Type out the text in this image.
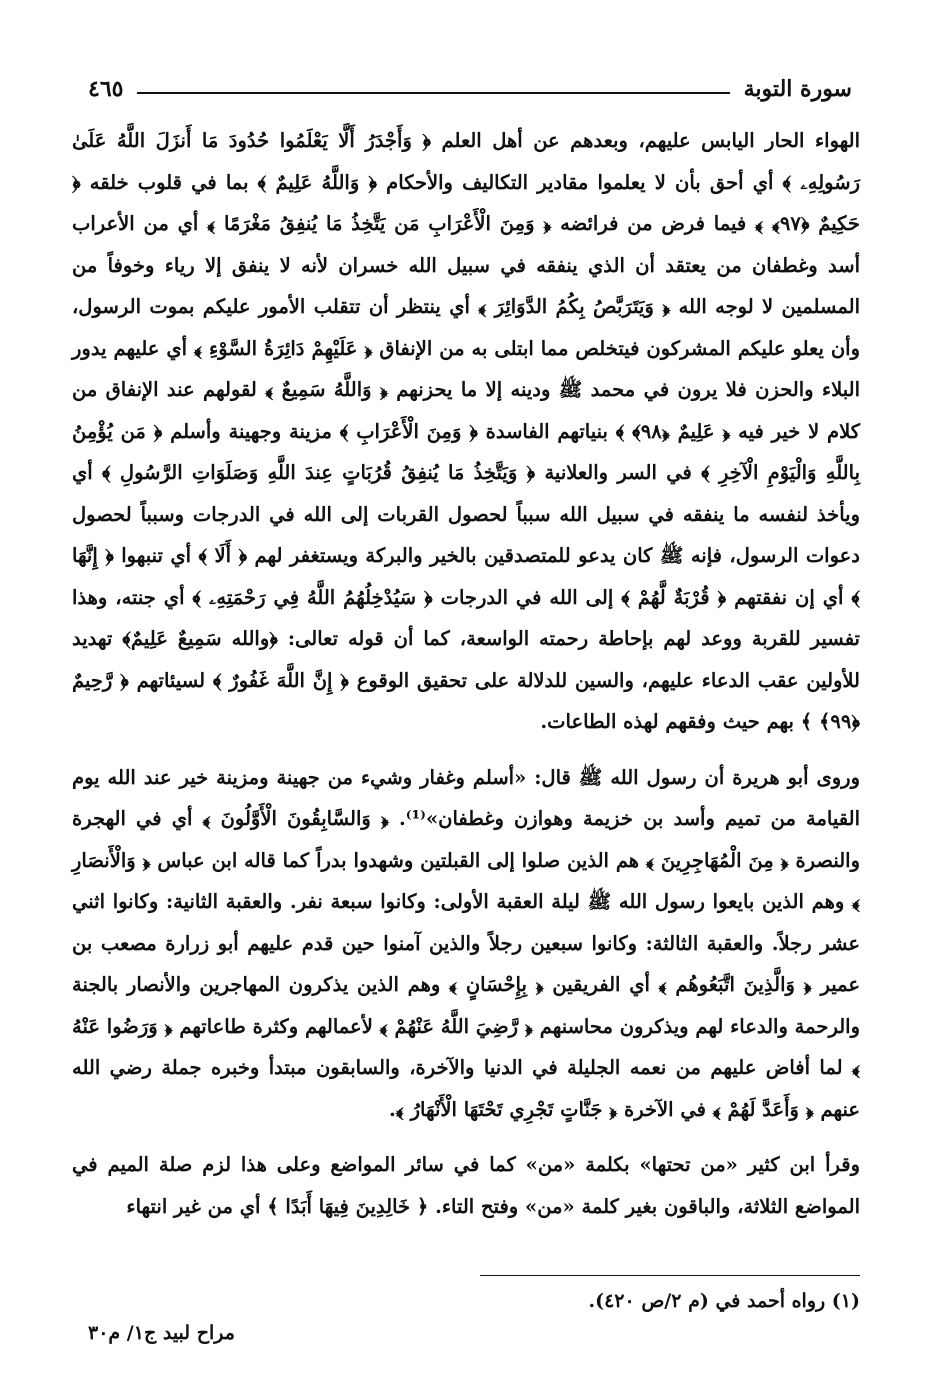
سورة التوبة
٤٦٥

الهواء الحار اليابس عليهم، وبعدهم عن أهل العلم ﴿ وَأَجْدَرُ أَلَّا يَعْلَمُوا حُدُودَ مَا أَنزَلَ اللَّهُ عَلَىٰ رَسُولِهِۦ ﴾ أي أحق بأن لا يعلموا مقادير التكاليف والأحكام ﴿ وَاللَّهُ عَلِيمٌ ﴾ بما في قلوب خلقه ﴿ حَكِيمٌ ﴿٩٧﴾ ﴾ فيما فرض من فرائضه ﴿ وَمِنَ الْأَعْرَابِ مَن يَتَّخِذُ مَا يُنفِقُ مَغْرَمًا ﴾ أي من الأعراب أسد وغطفان من يعتقد أن الذي ينفقه في سبيل الله خسران لأنه لا ينفق إلا رياء وخوفاً من المسلمين لا لوجه الله ﴿ وَيَتَرَبَّصُ بِكُمُ الدَّوَائِرَ ﴾ أي ينتظر أن تتقلب الأمور عليكم بموت الرسول، وأن يعلو عليكم المشركون فيتخلص مما ابتلى به من الإنفاق ﴿ عَلَيْهِمْ دَائِرَةُ السَّوْءِ ﴾ أي عليهم يدور البلاء والحزن فلا يرون في محمد ﷺ ودينه إلا ما يحزنهم ﴿ وَاللَّهُ سَمِيعٌ ﴾ لقولهم عند الإنفاق من كلام لا خير فيه ﴿ عَلِيمٌ ﴿٩٨﴾ ﴾ بنياتهم الفاسدة ﴿ وَمِنَ الْأَعْرَابِ ﴾ مزينة وجهينة وأسلم ﴿ مَن يُؤْمِنُ بِاللَّهِ وَالْيَوْمِ الْآخِرِ ﴾ في السر والعلانية ﴿ وَيَتَّخِذُ مَا يُنفِقُ قُرُبَاتٍ عِندَ اللَّهِ وَصَلَوَاتِ الرَّسُولِ ﴾ أي ويأخذ لنفسه ما ينفقه في سبيل الله سبباً لحصول القربات إلى الله في الدرجات وسبباً لحصول دعوات الرسول، فإنه ﷺ كان يدعو للمتصدقين بالخير والبركة ويستغفر لهم ﴿ أَلَا ﴾ أي تنبهوا ﴿ إِنَّهَا ﴾ أي إن نفقتهم ﴿ قُرْبَةٌ لَّهُمْ ﴾ إلى الله في الدرجات ﴿ سَيُدْخِلُهُمُ اللَّهُ فِي رَحْمَتِهِۦ ﴾ أي جنته، وهذا تفسير للقربة ووعد لهم بإحاطة رحمته الواسعة، كما أن قوله تعالى: ﴿والله سَمِيعٌ عَلِيمٌ﴾ تهديد للأولين عقب الدعاء عليهم، والسين للدلالة على تحقيق الوقوع ﴿ إِنَّ اللَّهَ غَفُورٌ ﴾ لسيئاتهم ﴿ رَّحِيمٌ ﴿٩٩﴾ ﴾ بهم حيث وفقهم لهذه الطاعات.

وروى أبو هريرة أن رسول الله ﷺ قال: «أسلم وغفار وشيء من جهينة ومزينة خير عند الله يوم القيامة من تميم وأسد بن خزيمة وهوازن وغطفان»⁽¹⁾. ﴿ وَالسَّابِقُونَ الْأَوَّلُونَ ﴾ أي في الهجرة والنصرة ﴿ مِنَ الْمُهَاجِرِينَ ﴾ هم الذين صلوا إلى القبلتين وشهدوا بدراً كما قاله ابن عباس ﴿ وَالْأَنصَارِ ﴾ وهم الذين بايعوا رسول الله ﷺ ليلة العقبة الأولى: وكانوا سبعة نفر. والعقبة الثانية: وكانوا اثني عشر رجلاً. والعقبة الثالثة: وكانوا سبعين رجلاً والذين آمنوا حين قدم عليهم أبو زرارة مصعب بن عمير ﴿ وَالَّذِينَ اتَّبَعُوهُم ﴾ أي الفريقين ﴿ بِإِحْسَانٍ ﴾ وهم الذين يذكرون المهاجرين والأنصار بالجنة والرحمة والدعاء لهم ويذكرون محاسنهم ﴿ رَّضِيَ اللَّهُ عَنْهُمْ ﴾ لأعمالهم وكثرة طاعاتهم ﴿ وَرَضُوا عَنْهُ ﴾ لما أفاض عليهم من نعمه الجليلة في الدنيا والآخرة، والسابقون مبتدأ وخبره جملة رضي الله عنهم ﴿ وَأَعَدَّ لَهُمْ ﴾ في الآخرة ﴿ جَنَّاتٍ تَجْرِي تَحْتَهَا الْأَنْهَارُ ﴾.

وقرأ ابن كثير «من تحتها» بكلمة «من» كما في سائر المواضع وعلى هذا لزم صلة الميم في المواضع الثلاثة، والباقون بغير كلمة «من» وفتح التاء. ﴿ خَالِدِينَ فِيهَا أَبَدًا ﴾ أي من غير انتهاء

(١) رواه أحمد في (م ٢/ص ٤٢٠).
مراح لبيد ج١/ م٣٠
